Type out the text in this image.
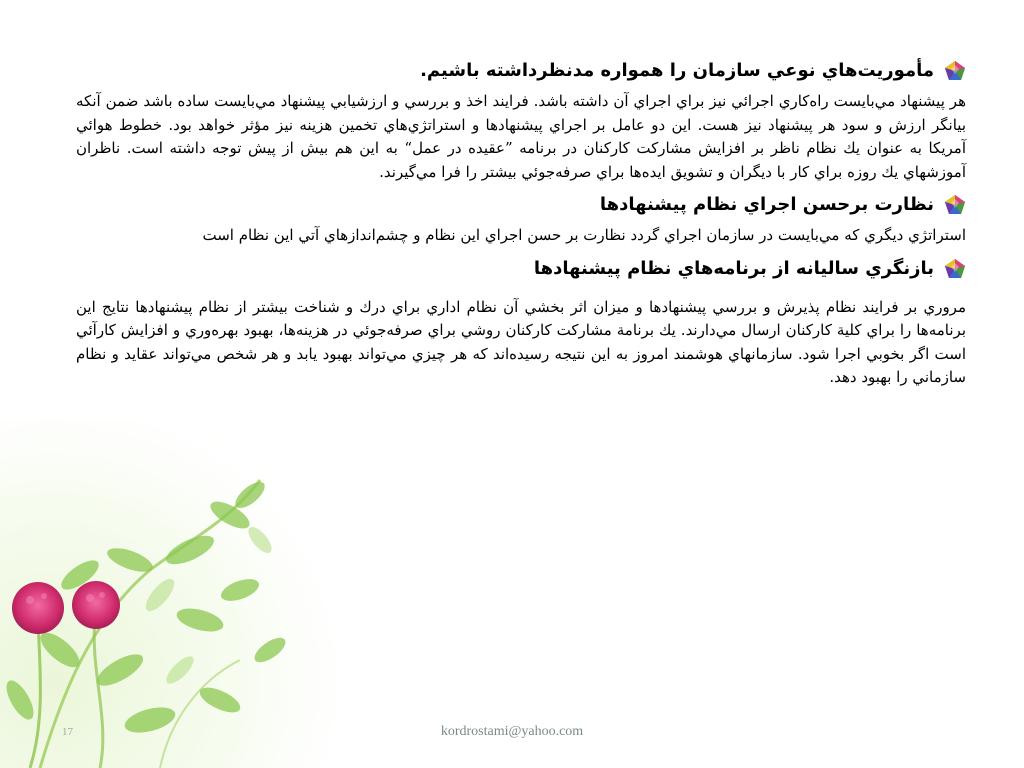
مأموريت‌هاي نوعي سازمان را همواره مدنظرداشته باشيم.

هر پيشنهاد مي‌بايست راه‌كاري اجرائي نيز براي اجراي آن داشته باشد. فرايند اخذ و بررسي و ارزشيابي پيشنهاد مي‌بايست ساده باشد ضمن آنكه بيانگر ارزش و سود هر پيشنهاد نيز هست. اين دو عامل بر اجراي پيشنهادها و استراتژي‌هاي تخمين هزينه نيز مؤثر خواهد بود. خطوط هوائي آمريكا به عنوان يك نظام ناظر بر افزايش مشاركت كاركنان در برنامه ”عقيده در عمل“ به اين هم بيش از پيش توجه داشته است. ناظران آموزشهاي يك روزه براي كار با ديگران و تشويق ايده‌ها براي صرفه‌جوئي بيشتر را فرا مي‌گيرند.

نظارت برحسن اجراي نظام پيشنهادها

استراتژي ديگري كه مي‌بايست در سازمان اجراي گردد نظارت بر حسن اجراي اين نظام و چشم‌اندازهاي آتي اين نظام است

بازنگري ساليانه از برنامه‌هاي نظام پيشنهادها

مروري بر فرايند نظام پذيرش و بررسي پيشنهادها و ميزان اثر بخشي آن نظام اداري براي درك و شناخت بيشتر از نظام پيشنهادها نتايج اين برنامه‌ها را براي كلية كاركنان ارسال مي‌دارند. يك برنامة مشاركت كاركنان روشي براي صرفه‌جوئي در هزينه‌ها، بهبود بهره‌وري و افزايش كارآئي است اگر بخوبي اجرا شود. سازمانهاي هوشمند امروز به اين نتيجه رسيده‌اند كه هر چيزي مي‌تواند بهبود يابد و هر شخص مي‌تواند عقايد و نظام سازماني را بهبود دهد.

17	kordrostami@yahoo.com
